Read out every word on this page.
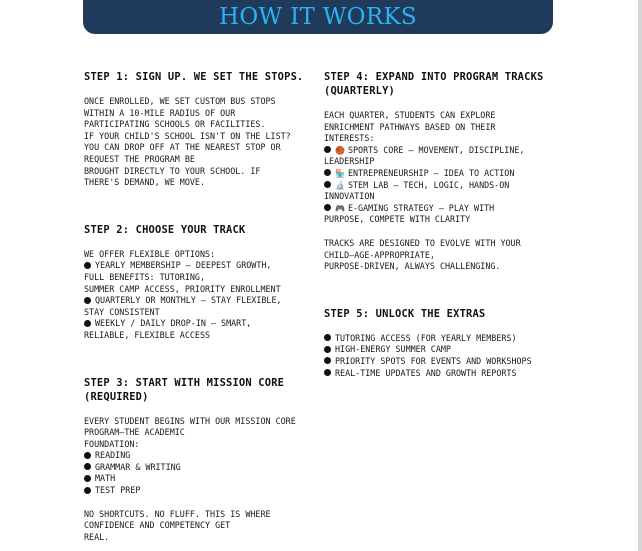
HOW IT WORKS
STEP 1: SIGN UP. WE SET THE STOPS.

ONCE ENROLLED, WE SET CUSTOM BUS STOPS
WITHIN A 10-MILE RADIUS OF OUR
PARTICIPATING SCHOOLS OR FACILITIES.
IF YOUR CHILD'S SCHOOL ISN'T ON THE LIST?
YOU CAN DROP OFF AT THE NEAREST STOP OR
REQUEST THE PROGRAM BE
BROUGHT DIRECTLY TO YOUR SCHOOL. IF
THERE'S DEMAND, WE MOVE.

STEP 2: CHOOSE YOUR TRACK

WE OFFER FLEXIBLE OPTIONS:

YEARLY MEMBERSHIP – DEEPEST GROWTH,
FULL BENEFITS: TUTORING,
SUMMER CAMP ACCESS, PRIORITY ENROLLMENT
QUARTERLY OR MONTHLY – STAY FLEXIBLE,
STAY CONSISTENT
WEEKLY / DAILY DROP-IN – SMART,
RELIABLE, FLEXIBLE ACCESS
STEP 3: START WITH MISSION CORE
(REQUIRED)

EVERY STUDENT BEGINS WITH OUR MISSION CORE
PROGRAM—THE ACADEMIC
FOUNDATION:

READING
GRAMMAR & WRITING
MATH
TEST PREP

NO SHORTCUTS. NO FLUFF. THIS IS WHERE
CONFIDENCE AND COMPETENCY GET
REAL.

STEP 4: EXPAND INTO PROGRAM TRACKS
(QUARTERLY)

EACH QUARTER, STUDENTS CAN EXPLORE
ENRICHMENT PATHWAYS BASED ON THEIR
INTERESTS:

🏀 SPORTS CORE – MOVEMENT, DISCIPLINE,
LEADERSHIP
🏪 ENTREPRENEURSHIP – IDEA TO ACTION
🔬 STEM LAB – TECH, LOGIC, HANDS-ON
INNOVATION
🎮 E-GAMING STRATEGY – PLAY WITH
PURPOSE, COMPETE WITH CLARITY

TRACKS ARE DESIGNED TO EVOLVE WITH YOUR
CHILD—AGE-APPROPRIATE,
PURPOSE-DRIVEN, ALWAYS CHALLENGING.

STEP 5: UNLOCK THE EXTRAS
TUTORING ACCESS (FOR YEARLY MEMBERS)
HIGH-ENERGY SUMMER CAMP
PRIORITY SPOTS FOR EVENTS AND WORKSHOPS
REAL-TIME UPDATES AND GROWTH REPORTS
